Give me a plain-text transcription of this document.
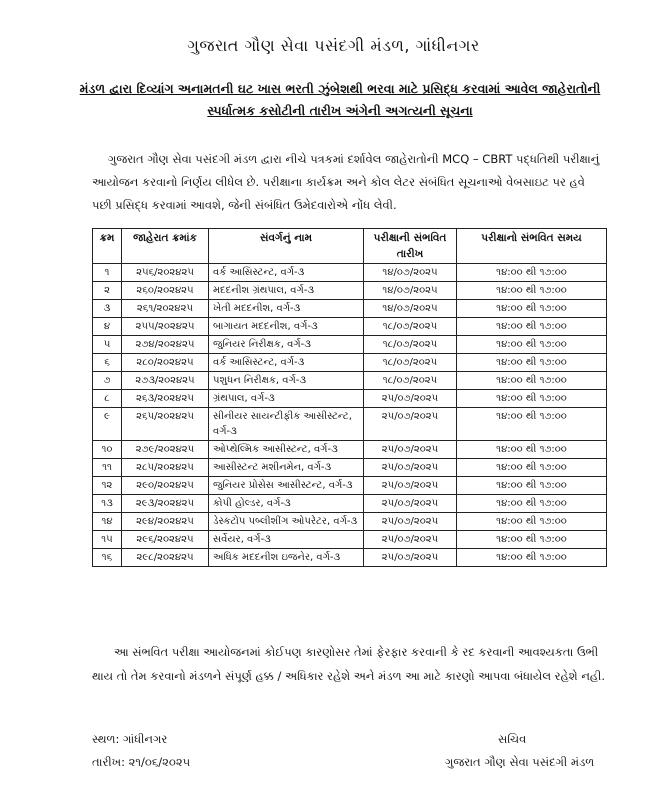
ગુજરાત ગૌણ સેવા પસંદગી મંડળ, ગાંધીનગર
મંડળ દ્વારા દિવ્યાંગ અનામતની ઘટ ખાસ ભરતી ઝુંબેશથી ભરવા માટે પ્રસિદ્ધ કરવામાં આવેલ જાહેરાતોની
સ્પર્ધાત્મક કસોટીની તારીખ અંગેની અગત્યની સૂચના
ગુજરાત ગૌણ સેવા પસંદગી મંડળ દ્વારા નીચે પત્રકમાં દર્શાવેલ જાહેરાતોની MCQ – CBRT પદ્ધતિથી પરીક્ષાનું આયોજન કરવાનો નિર્ણય લીધેલ છે. પરીક્ષાના કાર્યક્રમ અને કોલ લેટર સંબંધિત સૂચનાઓ વેબસાઇટ પર હવે પછી પ્રસિદ્ધ કરવામાં આવશે, જેની સંબંધિત ઉમેદવારોએ નોંધ લેવી.
ક્રમ	જાહેરાત ક્રમાંક	સંવર્ગનું નામ	પરીક્ષાની સંભવિત તારીખ	પરીક્ષાનો સંભવિત સમય
૧	૨૫૬/૨૦૨૪૨૫	વર્ક આસિસ્ટન્ટ, વર્ગ-૩	૧૪/૦૭/૨૦૨૫	૧૪:૦૦ થી ૧૭:૦૦
૨	૨૬૦/૨૦૨૪૨૫	મદદનીશ ગ્રંથપાલ, વર્ગ-૩	૧૪/૦૭/૨૦૨૫	૧૪:૦૦ થી ૧૭:૦૦
૩	૨૬૧/૨૦૨૪૨૫	ખેતી મદદનીશ, વર્ગ-૩	૧૪/૦૭/૨૦૨૫	૧૪:૦૦ થી ૧૭:૦૦
૪	૨૫૫/૨૦૨૪૨૫	બાગાયત મદદનીશ, વર્ગ-૩	૧૮/૦૭/૨૦૨૫	૧૪:૦૦ થી ૧૭:૦૦
૫	૨૭૪/૨૦૨૪૨૫	જુનિયર નિરીક્ષક, વર્ગ-૩	૧૮/૦૭/૨૦૨૫	૧૪:૦૦ થી ૧૭:૦૦
૬	૨૮૦/૨૦૨૪૨૫	વર્ક આસિસ્ટન્ટ, વર્ગ-૩	૧૮/૦૭/૨૦૨૫	૧૪:૦૦ થી ૧૭:૦૦
૭	૨૭૩/૨૦૨૪૨૫	પશુધન નિરીક્ષક, વર્ગ-૩	૧૮/૦૭/૨૦૨૫	૧૪:૦૦ થી ૧૭:૦૦
૮	૨૬૩/૨૦૨૪૨૫	ગ્રંથપાલ, વર્ગ-૩	૨૫/૦૭/૨૦૨૫	૧૪:૦૦ થી ૧૭:૦૦
૯	૨૬૫/૨૦૨૪૨૫	સીનીયર સાયન્ટીફીક આસીસ્ટન્ટ, વર્ગ-૩	૨૫/૦૭/૨૦૨૫	૧૪:૦૦ થી ૧૭:૦૦
૧૦	૨૭૯/૨૦૨૪૨૫	ઓપ્થેલ્મિક આસીસ્ટન્ટ, વર્ગ-૩	૨૫/૦૭/૨૦૨૫	૧૪:૦૦ થી ૧૭:૦૦
૧૧	૨૮૫/૨૦૨૪૨૫	આસીસ્ટન્ટ મશીનમેન, વર્ગ-૩	૨૫/૦૭/૨૦૨૫	૧૪:૦૦ થી ૧૭:૦૦
૧૨	૨૯૦/૨૦૨૪૨૫	જુનિયર પ્રોસેસ આસીસ્ટન્ટ, વર્ગ-૩	૨૫/૦૭/૨૦૨૫	૧૪:૦૦ થી ૧૭:૦૦
૧૩	૨૯૩/૨૦૨૪૨૫	કોપી હોલ્ડર, વર્ગ-૩	૨૫/૦૭/૨૦૨૫	૧૪:૦૦ થી ૧૭:૦૦
૧૪	૨૯૪/૨૦૨૪૨૫	ડેસ્કટોપ પબ્લીશીંગ ઓપરેટર, વર્ગ-૩	૨૫/૦૭/૨૦૨૫	૧૪:૦૦ થી ૧૭:૦૦
૧૫	૨૯૬/૨૦૨૪૨૫	સર્વેયર, વર્ગ-૩	૨૫/૦૭/૨૦૨૫	૧૪:૦૦ થી ૧૭:૦૦
૧૬	૨૯૮/૨૦૨૪૨૫	અધિક મદદનીશ ઇજનેર, વર્ગ-૩	૨૫/૦૭/૨૦૨૫	૧૪:૦૦ થી ૧૭:૦૦
આ સંભવિત પરીક્ષા આયોજનમાં કોઈપણ કારણોસર તેમાં ફેરફાર કરવાની કે રદ કરવાની આવશ્યકતા ઉભી થાય તો તેમ કરવાનો મંડળને સંપૂર્ણ હક્ક / અધિકાર રહેશે અને મંડળ આ માટે કારણો આપવા બંધાયેલ રહેશે નહી.
સ્થળ: ગાંધીનગર
તારીખ: ૨૧/૦૬/૨૦૨૫
સચિવ
ગુજરાત ગૌણ સેવા પસંદગી મંડળ
